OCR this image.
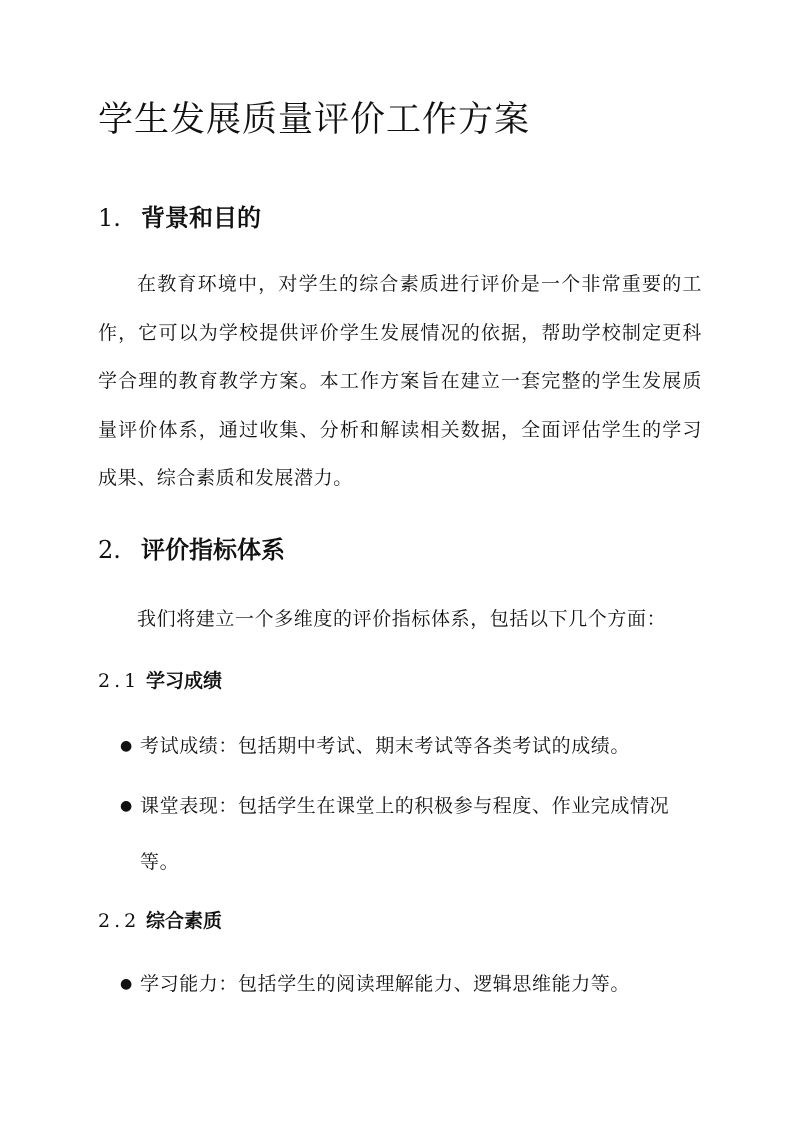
学生发展质量评价工作方案
1. 背景和目的

在教育环境中，对学生的综合素质进行评价是一个非常重要的工作，它可以为学校提供评价学生发展情况的依据，帮助学校制定更科学合理的教育教学方案。本工作方案旨在建立一套完整的学生发展质量评价体系，通过收集、分析和解读相关数据，全面评估学生的学习成果、综合素质和发展潜力。

2. 评价指标体系

我们将建立一个多维度的评价指标体系，包括以下几个方面：

2.1 学习成绩
● 考试成绩：包括期中考试、期末考试等各类考试的成绩。
● 课堂表现：包括学生在课堂上的积极参与程度、作业完成情况等。
2.2 综合素质
● 学习能力：包括学生的阅读理解能力、逻辑思维能力等。
